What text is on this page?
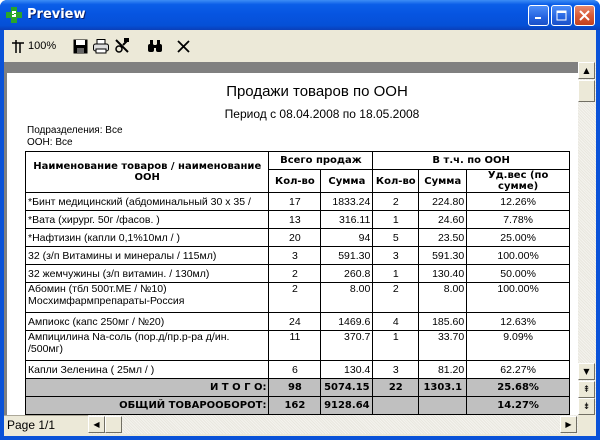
Preview
100%
Продажи товаров по ООН
Период с 08.04.2008 по 18.05.2008
Подразделения: Все
ООН: Все
Наименование товаров / наименование ООН	Всего продаж		В т.ч. по ООН		
	Кол-во	Сумма	Кол-во	Сумма	Уд.вес (по сумме)
*Бинт медицинский (абдоминальный 30 х 35 /	17	1833.24	2	224.80	12.26%
*Вата (хирург. 50г /фасов. )	13	316.11	1	24.60	7.78%
*Нафтизин (капли 0,1%10мл / )	20	94	5	23.50	25.00%
32 (з/п Витамины и минералы / 115мл)	3	591.30	3	591.30	100.00%
32 жемчужины (з/п витамин. / 130мл)	2	260.8	1	130.40	50.00%
Абомин (тбл 500т.МЕ / №10) Мосхимфармпрепараты-Россия	2	8.00	2	8.00	100.00%
Ампиокс (капс 250мг / №20)	24	1469.6	4	185.60	12.63%
Ампицилина Na-соль (пор.д/пр.р-ра д/ин. /500мг)	11	370.7	1	33.70	9.09%
Капли Зеленина ( 25мл / )	6	130.4	3	81.20	62.27%
И Т О Г О:	98	5074.15	22	1303.1	25.68%
ОБЩИЙ ТОВАРООБОРОТ:	162	9128.64			14.27%
▲
▼
⇞
⇟
Page 1/1	◀	▶
